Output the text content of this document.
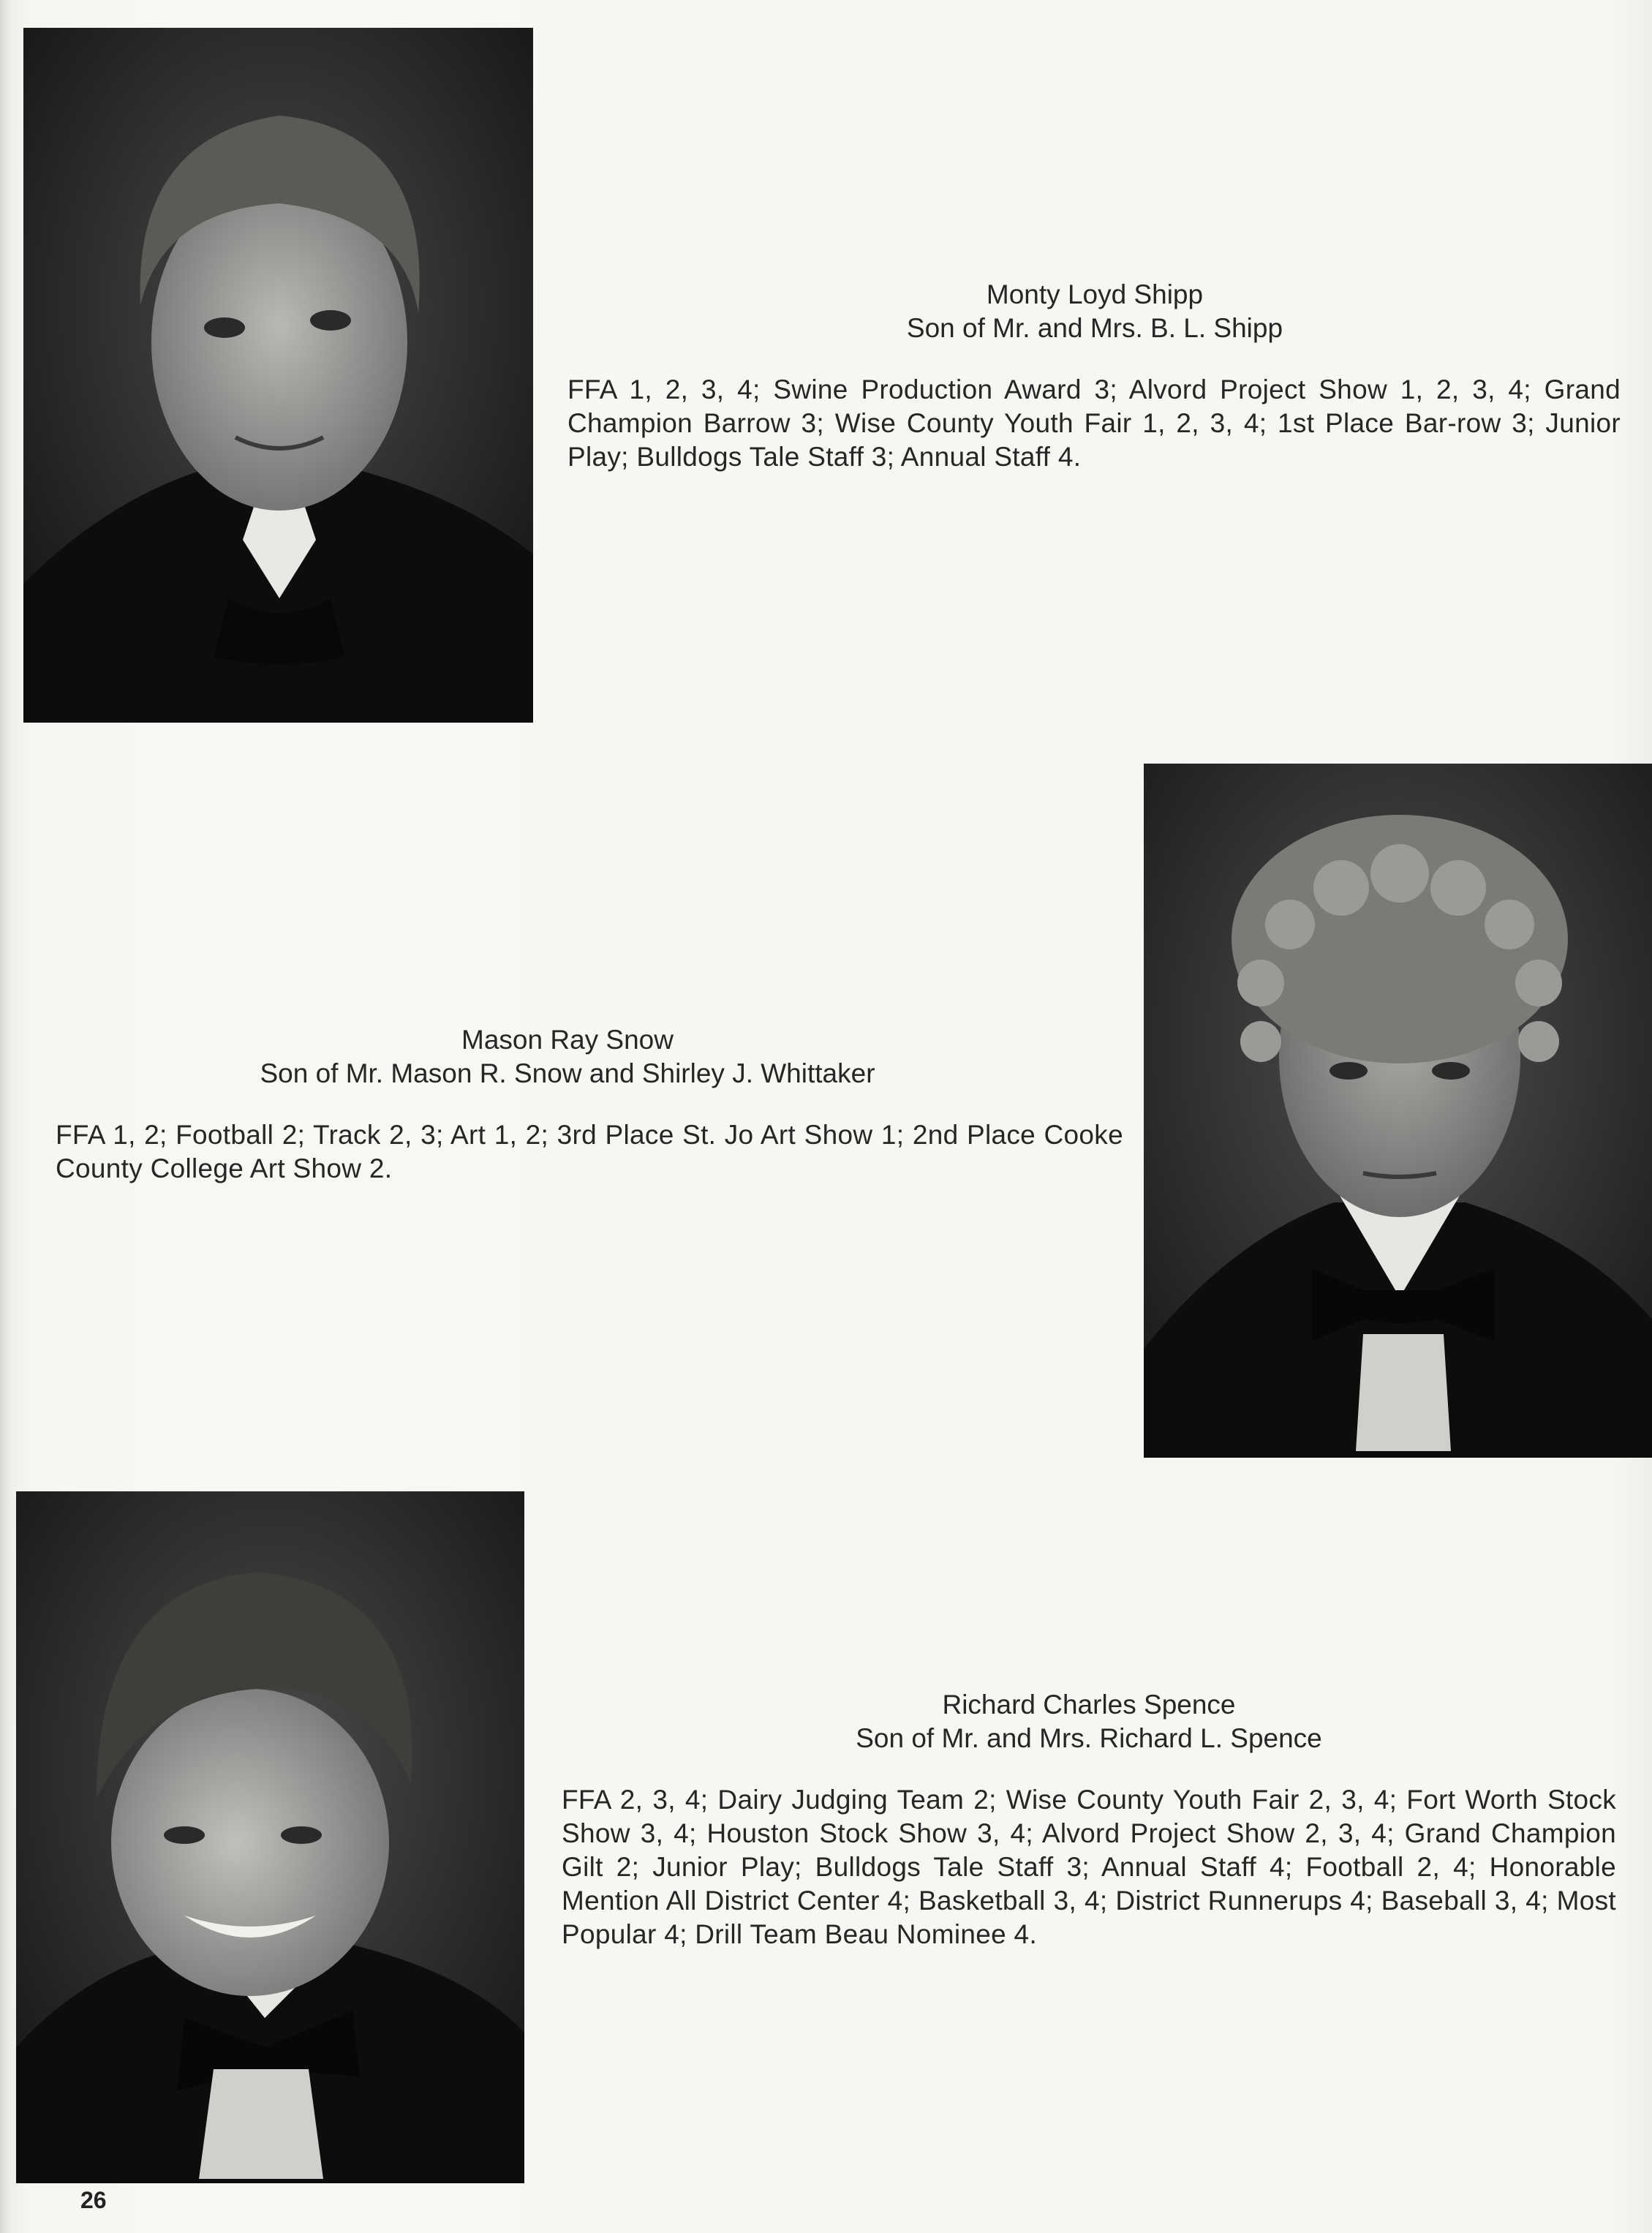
Monty Loyd Shipp
Son of Mr. and Mrs. B. L. Shipp
FFA 1, 2, 3, 4; Swine Production Award 3; Alvord Project Show 1, 2, 3, 4; Grand Champion Barrow 3; Wise County Youth Fair 1, 2, 3, 4; 1st Place Bar-row 3; Junior Play; Bulldogs Tale Staff 3; Annual Staff 4.
Mason Ray Snow
Son of Mr. Mason R. Snow and Shirley J. Whittaker
FFA 1, 2; Football 2; Track 2, 3; Art 1, 2; 3rd Place St. Jo Art Show 1; 2nd Place Cooke County College Art Show 2.
Richard Charles Spence
Son of Mr. and Mrs. Richard L. Spence
FFA 2, 3, 4; Dairy Judging Team 2; Wise County Youth Fair 2, 3, 4; Fort Worth Stock Show 3, 4; Houston Stock Show 3, 4; Alvord Project Show 2, 3, 4; Grand Champion Gilt 2; Junior Play; Bulldogs Tale Staff 3; Annual Staff 4; Football 2, 4; Honorable Mention All District Center 4; Basketball 3, 4; District Runnerups 4; Baseball 3, 4; Most Popular 4; Drill Team Beau Nominee 4.
26
